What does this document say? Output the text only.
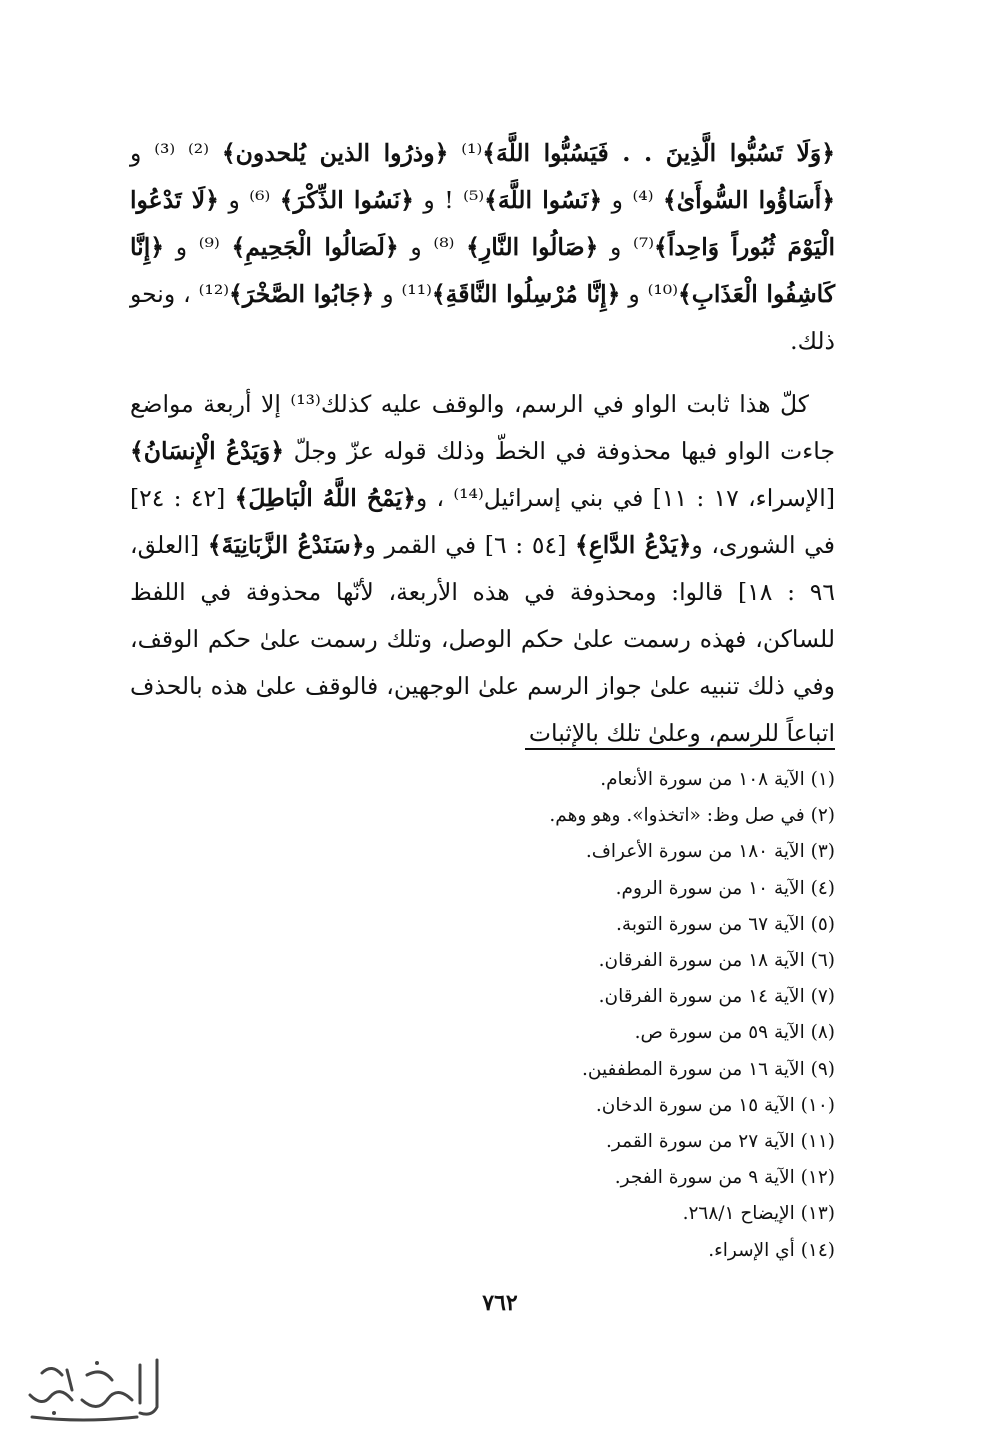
﴿وَلَا تَسُبُّوا الَّذِينَ . . فَيَسُبُّوا اللَّهَ﴾⁽¹⁾ ﴿وذرُوا الذين يُلحدون﴾ ⁽²⁾ ⁽³⁾ و ﴿أَسَاؤُوا السُّوأَىٰ﴾ ⁽⁴⁾ و ﴿نَسُوا اللَّهَ﴾⁽⁵⁾ ! و ﴿نَسُوا الذِّكْرَ﴾ ⁽⁶⁾ و ﴿لَا تَدْعُوا الْيَوْمَ ثُبُوراً وَاحِداً﴾⁽⁷⁾ و ﴿صَالُوا النَّارِ﴾ ⁽⁸⁾ و ﴿لَصَالُوا الْجَحِيمِ﴾ ⁽⁹⁾ و ﴿إِنَّا كَاشِفُوا الْعَذَابِ﴾⁽¹⁰⁾ و ﴿إِنَّا مُرْسِلُوا النَّاقَةِ﴾⁽¹¹⁾ و ﴿جَابُوا الصَّخْرَ﴾⁽¹²⁾ ، ونحو ذلك.

كلّ هذا ثابت الواو في الرسم، والوقف عليه كذلك⁽¹³⁾ إلا أربعة مواضع جاءت الواو فيها محذوفة في الخطّ وذلك قوله عزّ وجلّ ﴿وَيَدْعُ الْإِنسَانُ﴾ [الإسراء، ١٧ : ١١] في بني إسرائيل⁽¹⁴⁾ ، و﴿يَمْحُ اللَّهُ الْبَاطِلَ﴾ [٤٢ : ٢٤] في الشورى، و﴿يَدْعُ الدَّاعِ﴾ [٥٤ : ٦] في القمر و﴿سَنَدْعُ الزَّبَانِيَةَ﴾ [العلق، ٩٦ : ١٨] قالوا: ومحذوفة في هذه الأربعة، لأنّها محذوفة في اللفظ للساكن، فهذه رسمت علىٰ حكم الوصل، وتلك رسمت علىٰ حكم الوقف، وفي ذلك تنبيه علىٰ جواز الرسم علىٰ الوجهين، فالوقف علىٰ هذه بالحذف اتباعاً للرسم، وعلىٰ تلك بالإثبات

(١) الآية ١٠٨ من سورة الأنعام.

(٢) في صل وظ: «اتخذوا». وهو وهم.

(٣) الآية ١٨٠ من سورة الأعراف.

(٤) الآية ١٠ من سورة الروم.

(٥) الآية ٦٧ من سورة التوبة.

(٦) الآية ١٨ من سورة الفرقان.

(٧) الآية ١٤ من سورة الفرقان.

(٨) الآية ٥٩ من سورة ص.

(٩) الآية ١٦ من سورة المطففين.

(١٠) الآية ١٥ من سورة الدخان.

(١١) الآية ٢٧ من سورة القمر.

(١٢) الآية ٩ من سورة الفجر.

(١٣) الإيضاح ٢٦٨/١.

(١٤) أي الإسراء.

٧٦٢
